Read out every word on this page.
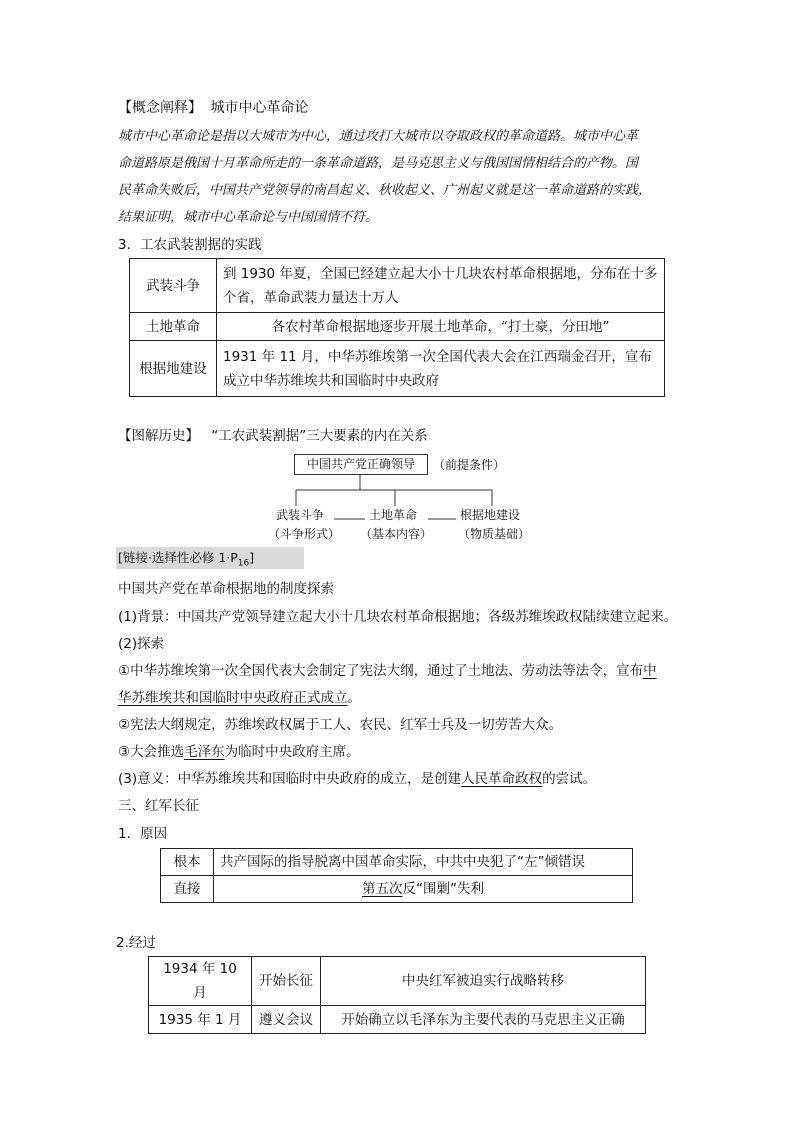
【概念阐释】 城市中心革命论
城市中心革命论是指以大城市为中心，通过攻打大城市以夺取政权的革命道路。城市中心革
命道路原是俄国十月革命所走的一条革命道路，是马克思主义与俄国国情相结合的产物。国
民革命失败后，中国共产党领导的南昌起义、秋收起义、广州起义就是这一革命道路的实践，
结果证明，城市中心革命论与中国国情不符。
3．工农武装割据的实践
武装斗争	到 1930 年夏，全国已经建立起大小十几块农村革命根据地，分布在十多
个省，革命武装力量达十万人

土地革命	各农村革命根据地逐步开展土地革命，“打土豪，分田地”
根据地建设	1931 年 11 月，中华苏维埃第一次全国代表大会在江西瑞金召开，宣布
成立中华苏维埃共和国临时中央政府
【图解历史】 “工农武装割据”三大要素的内在关系
中国共产党正确领导	（前提条件）
武装斗争
（斗争形式）
土地革命
（基本内容）
根据地建设
（物质基础）
[链接·选择性必修 $1\cdot P_{16}$]
中国共产党在革命根据地的制度探索
(1)背景：中国共产党领导建立起大小十几块农村革命根据地；各级苏维埃政权陆续建立起来。
(2)探索
①中华苏维埃第一次全国代表大会制定了宪法大纲，通过了土地法、劳动法等法令，宣布中
华苏维埃共和国临时中央政府正式成立。
②宪法大纲规定，苏维埃政权属于工人、农民、红军士兵及一切劳苦大众。
③大会推选毛泽东为临时中央政府主席。
(3)意义：中华苏维埃共和国临时中央政府的成立，是创建人民革命政权的尝试。
三、红军长征
1．原因
根本	共产国际的指导脱离中国革命实际，中共中央犯了“左”倾错误
直接	第五次反“围剿”失利
2.经过
1934 年 10 月	开始长征	中央红军被迫实行战略转移
1935 年 1 月	遵义会议	开始确立以毛泽东为主要代表的马克思主义正确
